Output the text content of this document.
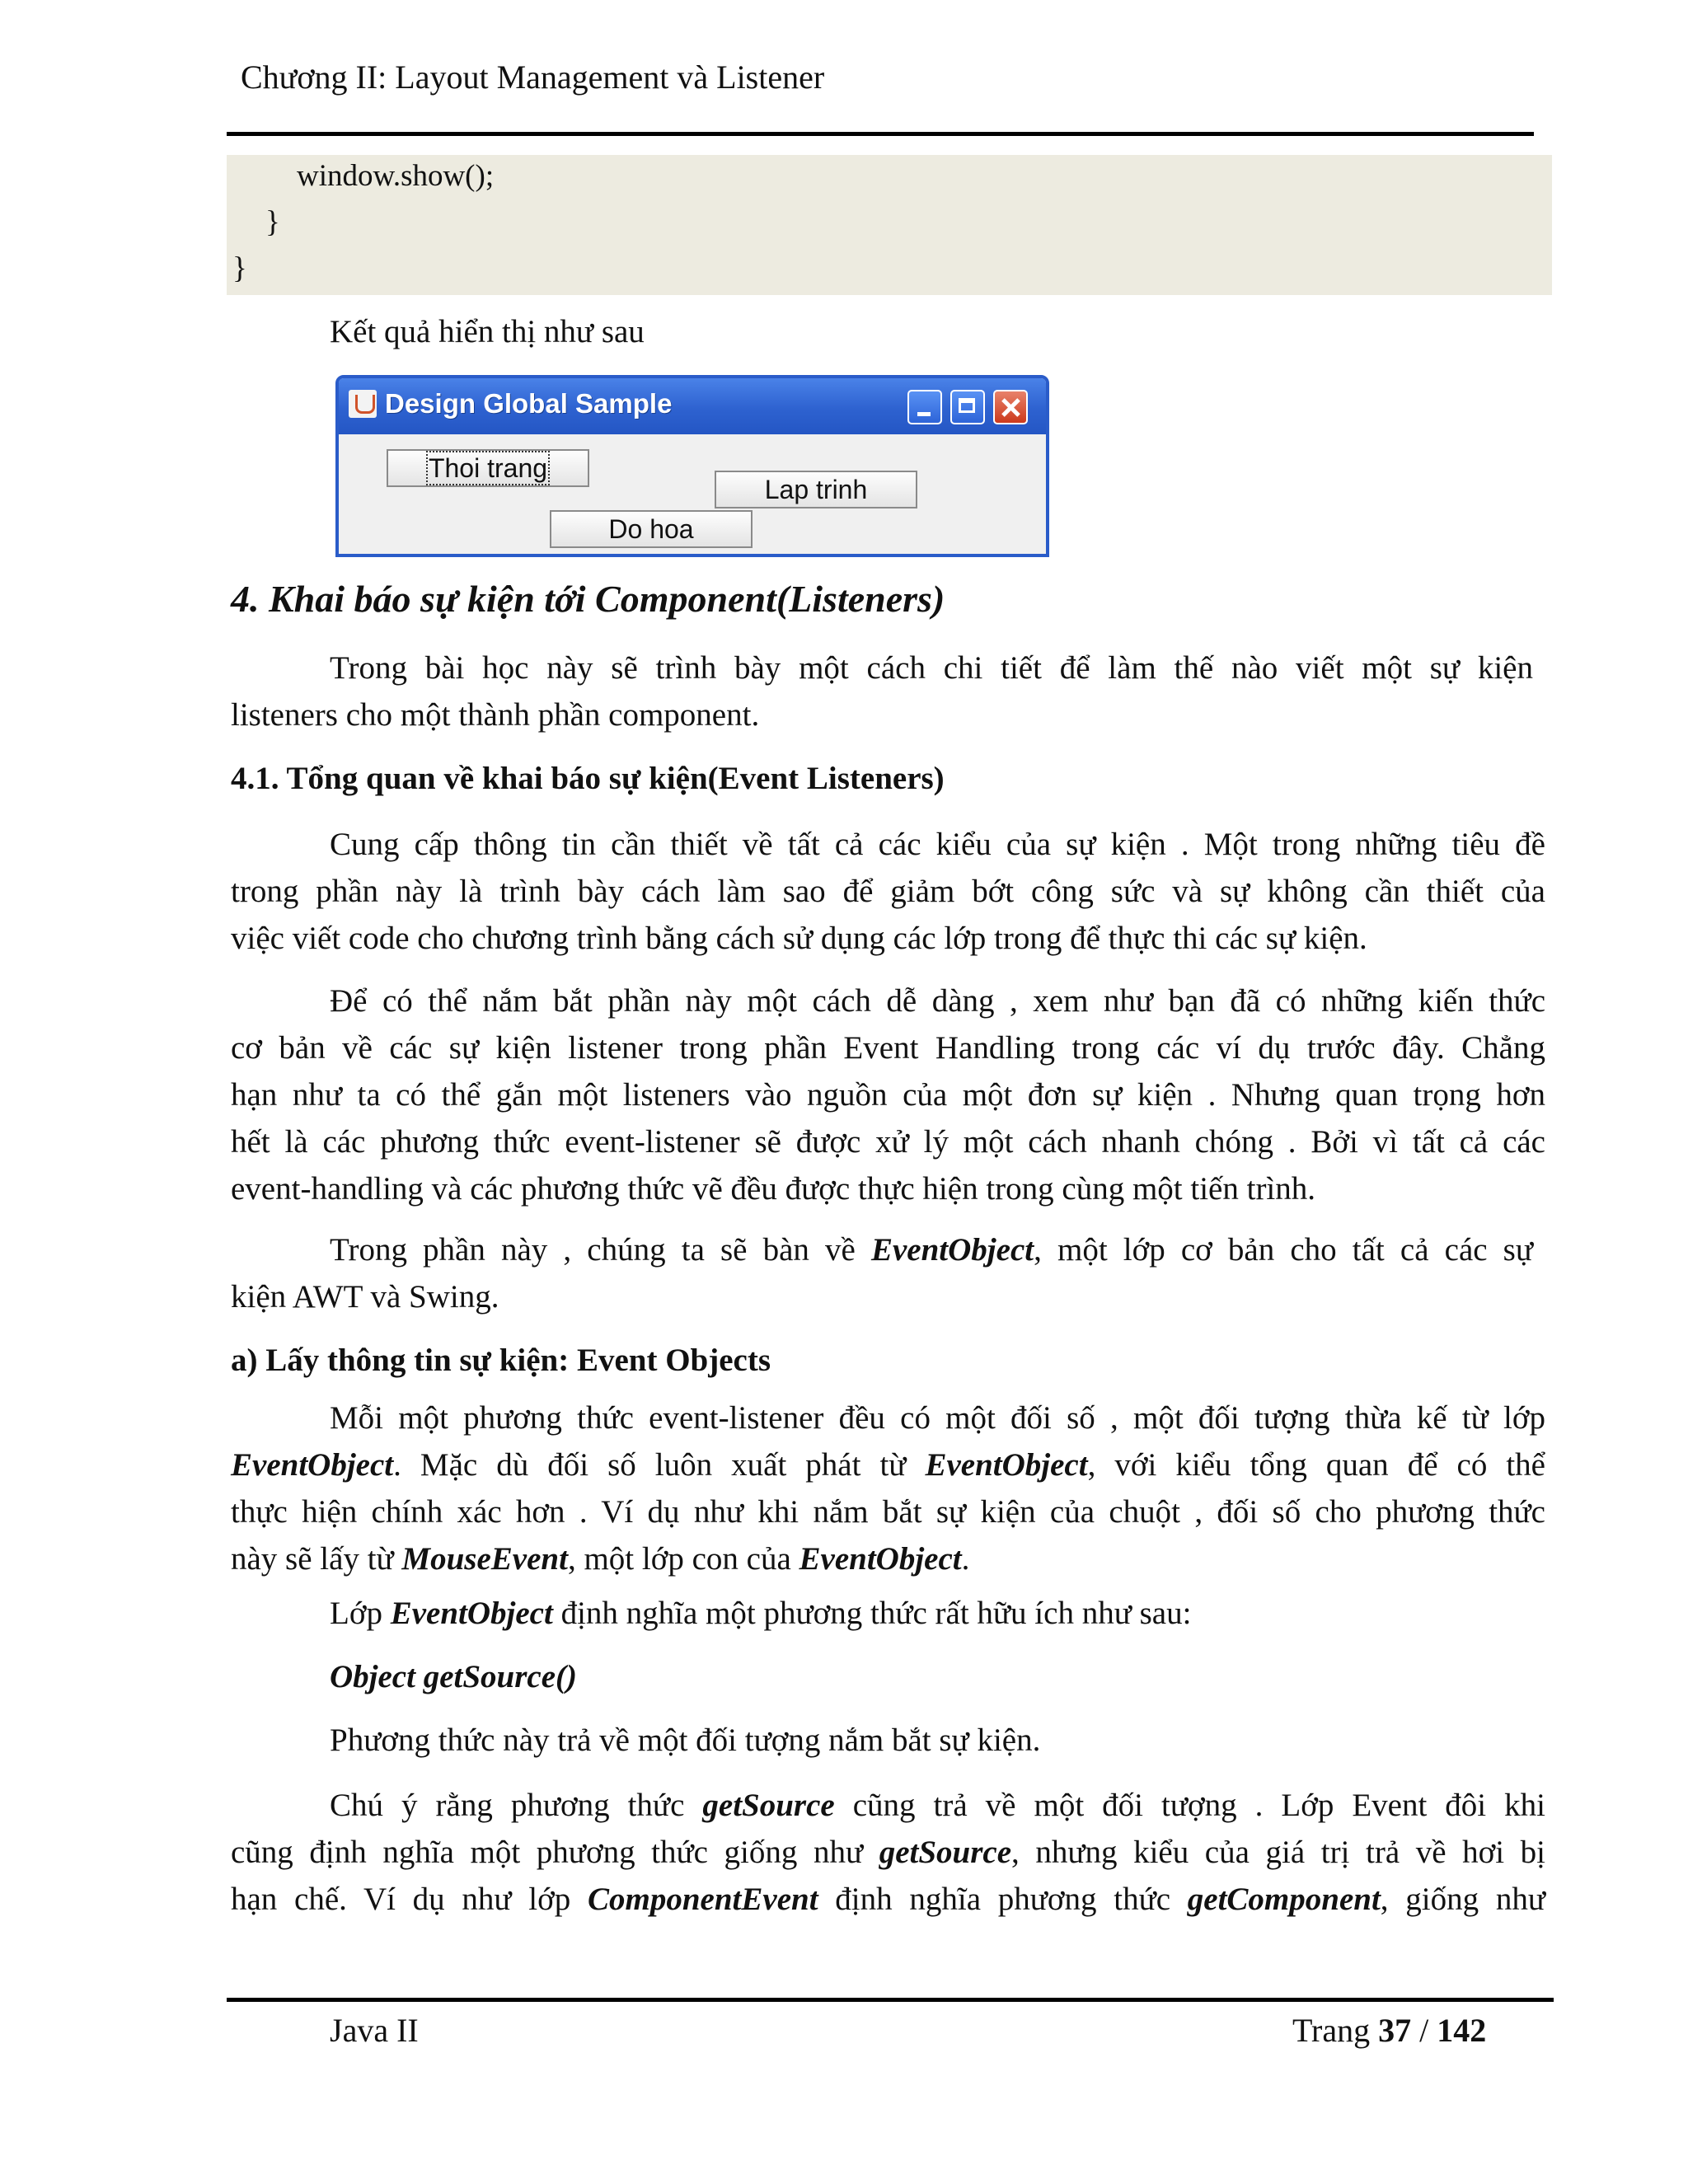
Chương II: Layout Management và Listener
window.show();
}
}
Kết quả hiển thị như sau
Design Global Sample
Thoi trang
Lap trinh
Do hoa
4. Khai báo sự kiện tới Component(Listeners)
Trong bài học này sẽ trình bày một cách chi tiết để làm thế nào viết một sự kiện
listeners cho một thành phần component.
4.1. Tổng quan về khai báo sự kiện(Event Listeners)
Cung cấp thông tin cần thiết về tất cả các kiểu của sự kiện . Một trong những tiêu đề
trong phần này là trình bày cách làm sao để giảm bớt công sức và sự không cần thiết của
việc viết code cho chương trình bằng cách sử dụng các lớp trong để thực thi các sự kiện.
Để có thể nắm bắt phần này một cách dễ dàng , xem như bạn đã có những kiến thức
cơ bản về các sự kiện listener trong phần Event Handling trong các ví dụ trước đây. Chẳng
hạn như ta có thể gắn một listeners vào nguồn của một đơn sự kiện . Nhưng quan trọng hơn
hết là các phương thức event-listener sẽ được xử lý một cách nhanh chóng . Bởi vì tất cả các
event-handling và các phương thức vẽ đều được thực hiện trong cùng một tiến trình.
Trong phần này , chúng ta sẽ bàn về EventObject, một lớp cơ bản cho tất cả các sự
kiện AWT và Swing.
a) Lấy thông tin sự kiện: Event Objects
Mỗi một phương thức event-listener đều có một đối số , một đối tượng thừa kế từ lớp
EventObject. Mặc dù đối số luôn xuất phát từ EventObject, với kiểu tổng quan để có thể
thực hiện chính xác hơn . Ví dụ như khi nắm bắt sự kiện của chuột , đối số cho phương thức
này sẽ lấy từ MouseEvent, một lớp con của EventObject.
Lớp EventObject định nghĩa một phương thức rất hữu ích như sau:
Object getSource()
Phương thức này trả về một đối tượng nắm bắt sự kiện.
Chú ý rằng phương thức getSource cũng trả về một đối tượng . Lớp Event đôi khi
cũng định nghĩa một phương thức giống như getSource, nhưng kiểu của giá trị trả về hơi bị
hạn chế. Ví dụ như lớp ComponentEvent định nghĩa phương thức getComponent, giống như
Java II	Trang 37 / 142
